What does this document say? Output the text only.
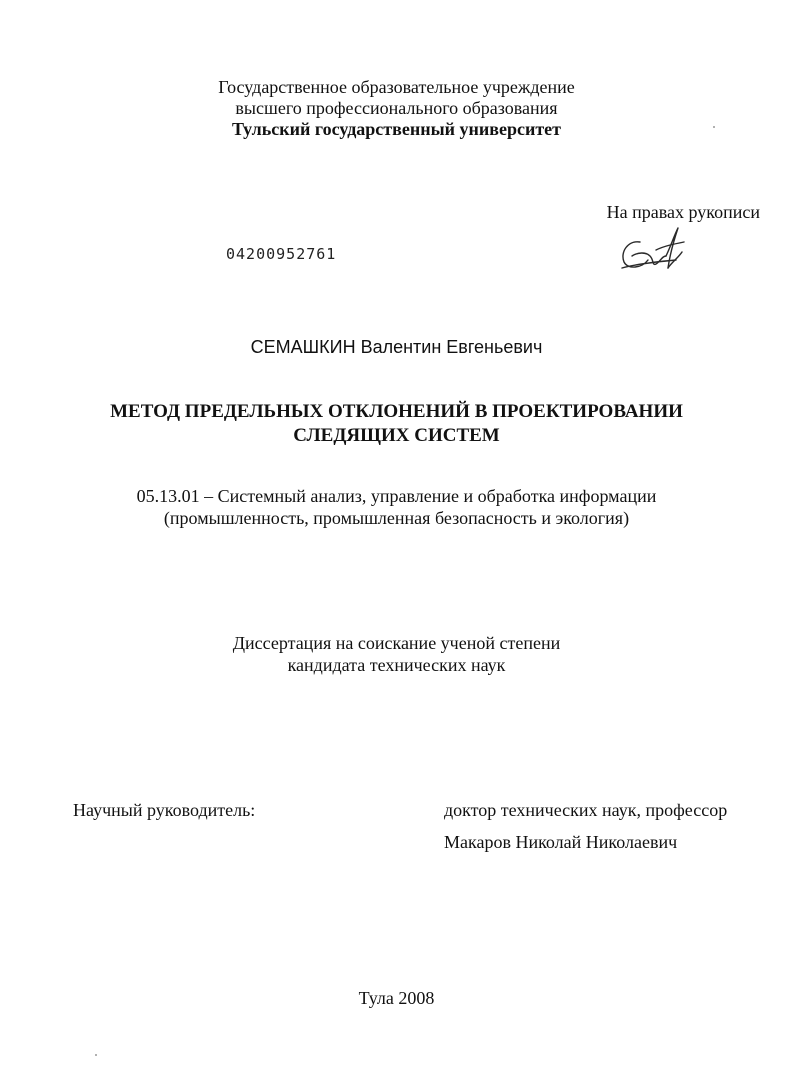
Государственное образовательное учреждение
высшего профессионального образования
Тульский государственный университет
На правах рукописи
04200952761
СЕМАШКИН Валентин Евгеньевич
МЕТОД ПРЕДЕЛЬНЫХ ОТКЛОНЕНИЙ В ПРОЕКТИРОВАНИИ
СЛЕДЯЩИХ СИСТЕМ
05.13.01 – Системный анализ, управление и обработка информации
(промышленность, промышленная безопасность и экология)
Диссертация на соискание ученой степени
кандидата технических наук
Научный руководитель:	доктор технических наук, профессор
Макаров Николай Николаевич
Тула 2008
